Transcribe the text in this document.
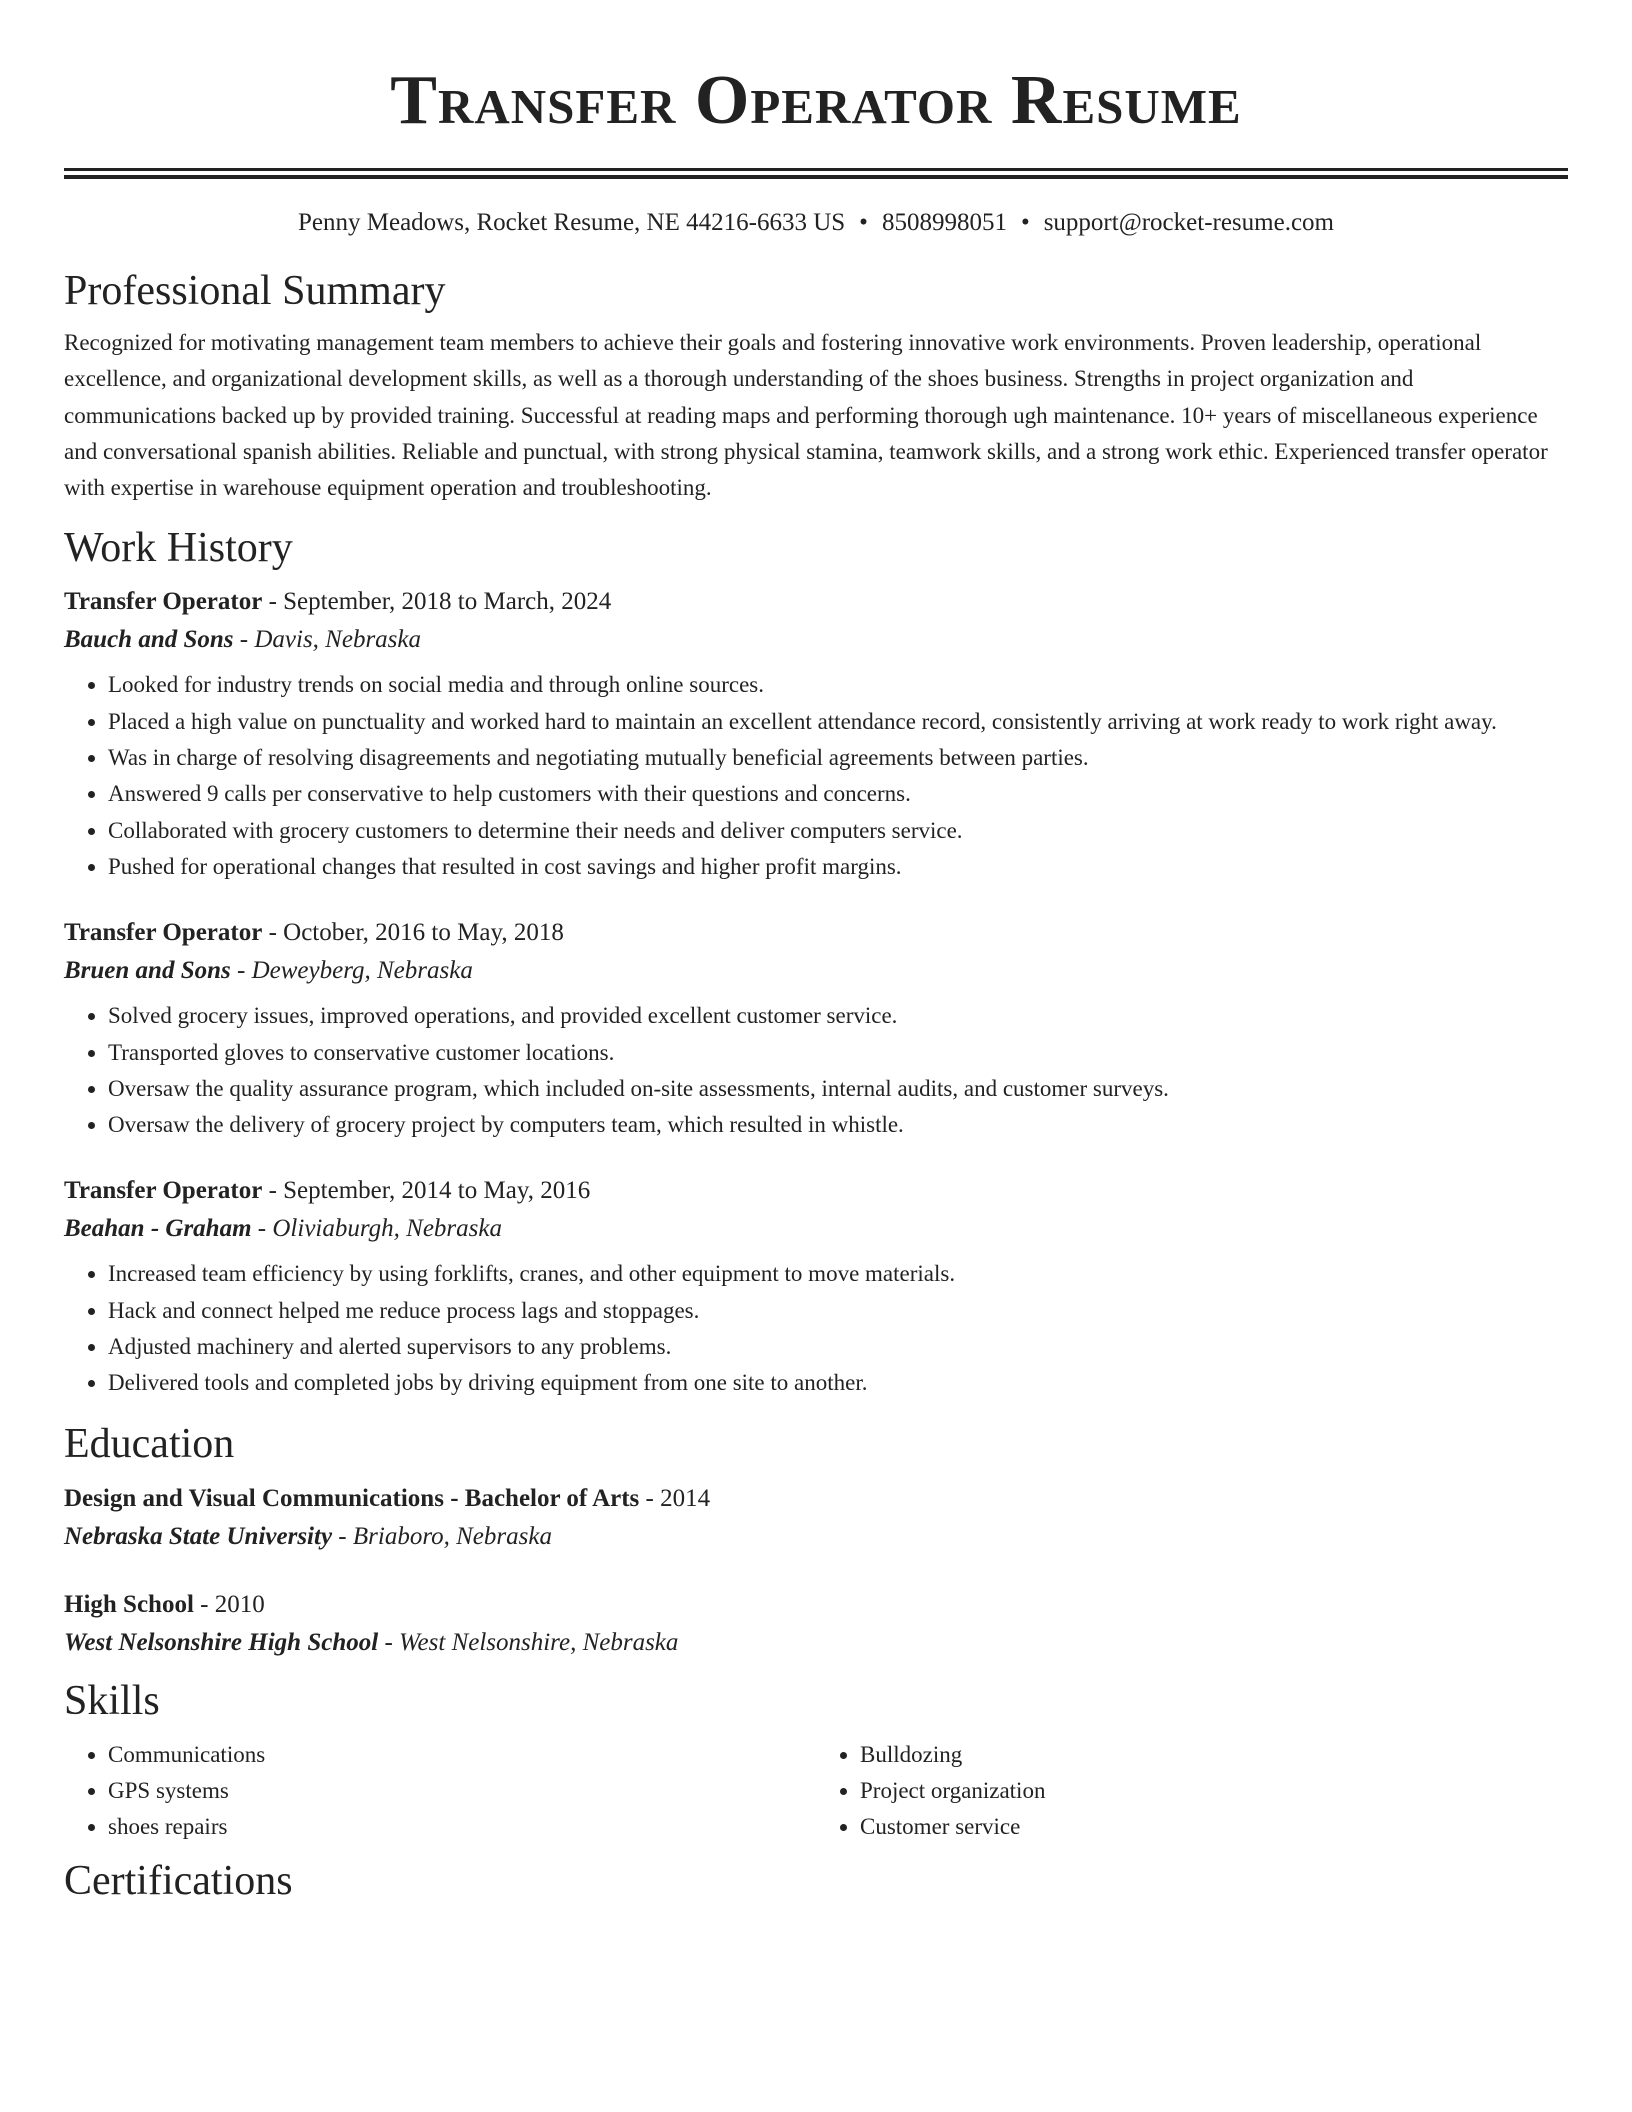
Transfer Operator Resume
Penny Meadows, Rocket Resume, NE 44216-6633 US • 8508998051 • support@rocket-resume.com
Professional Summary

Recognized for motivating management team members to achieve their goals and fostering innovative work environments. Proven leadership, operational excellence, and organizational development skills, as well as a thorough understanding of the shoes business. Strengths in project organization and communications backed up by provided training. Successful at reading maps and performing thorough ugh maintenance. 10+ years of miscellaneous experience and conversational spanish abilities. Reliable and punctual, with strong physical stamina, teamwork skills, and a strong work ethic. Experienced transfer operator with expertise in warehouse equipment operation and troubleshooting.

Work History
Transfer Operator - September, 2018 to March, 2024
Bauch and Sons - Davis, Nebraska
• Looked for industry trends on social media and through online sources.
• Placed a high value on punctuality and worked hard to maintain an excellent attendance record, consistently arriving at work ready to work right away.
• Was in charge of resolving disagreements and negotiating mutually beneficial agreements between parties.
• Answered 9 calls per conservative to help customers with their questions and concerns.
• Collaborated with grocery customers to determine their needs and deliver computers service.
• Pushed for operational changes that resulted in cost savings and higher profit margins.
Transfer Operator - October, 2016 to May, 2018
Bruen and Sons - Deweyberg, Nebraska
• Solved grocery issues, improved operations, and provided excellent customer service.
• Transported gloves to conservative customer locations.
• Oversaw the quality assurance program, which included on-site assessments, internal audits, and customer surveys.
• Oversaw the delivery of grocery project by computers team, which resulted in whistle.
Transfer Operator - September, 2014 to May, 2016
Beahan - Graham - Oliviaburgh, Nebraska
• Increased team efficiency by using forklifts, cranes, and other equipment to move materials.
• Hack and connect helped me reduce process lags and stoppages.
• Adjusted machinery and alerted supervisors to any problems.
• Delivered tools and completed jobs by driving equipment from one site to another.
Education
Design and Visual Communications - Bachelor of Arts - 2014
Nebraska State University - Briaboro, Nebraska
High School - 2010
West Nelsonshire High School - West Nelsonshire, Nebraska
Skills
• Communications
• GPS systems
• shoes repairs
• Bulldozing
• Project organization
• Customer service
Certifications
